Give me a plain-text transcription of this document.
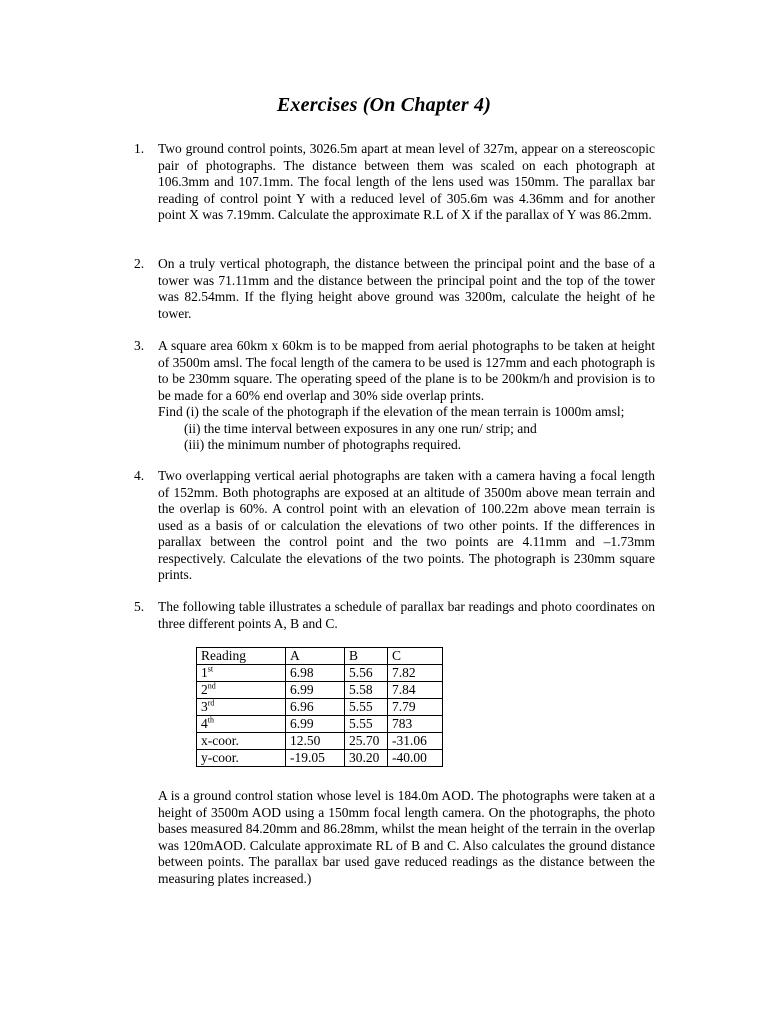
Exercises (On Chapter 4)
1. Two ground control points, 3026.5m apart at mean level of 327m, appear on a stereoscopic pair of photographs. The distance between them was scaled on each photograph at 106.3mm and 107.1mm. The focal length of the lens used was 150mm. The parallax bar reading of control point Y with a reduced level of 305.6m was 4.36mm and for another point X was 7.19mm. Calculate the approximate R.L of X if the parallax of Y was 86.2mm.
2. On a truly vertical photograph, the distance between the principal point and the base of a tower was 71.11mm and the distance between the principal point and the top of the tower was 82.54mm. If the flying height above ground was 3200m, calculate the height of he tower.
3. A square area 60km x 60km is to be mapped from aerial photographs to be taken at height of 3500m amsl. The focal length of the camera to be used is 127mm and each photograph is to be 230mm square. The operating speed of the plane is to be 200km/h and provision is to be made for a 60% end overlap and 30% side overlap prints.
Find (i) the scale of the photograph if the elevation of the mean terrain is 1000m amsl;
(ii) the time interval between exposures in any one run/ strip; and
(iii) the minimum number of photographs required.
4. Two overlapping vertical aerial photographs are taken with a camera having a focal length of 152mm. Both photographs are exposed at an altitude of 3500m above mean terrain and the overlap is 60%. A control point with an elevation of 100.22m above mean terrain is used as a basis of or calculation the elevations of two other points. If the differences in parallax between the control point and the two points are 4.11mm and –1.73mm respectively. Calculate the elevations of the two points. The photograph is 230mm square prints.
5. The following table illustrates a schedule of parallax bar readings and photo coordinates on three different points A, B and C.
Reading	A	B	C
1st	6.98	5.56	7.82
2nd	6.99	5.58	7.84
3rd	6.96	5.55	7.79
4th	6.99	5.55	783
x-coor.	12.50	25.70	-31.06
y-coor.	-19.05	30.20	-40.00
A is a ground control station whose level is 184.0m AOD. The photographs were taken at a height of 3500m AOD using a 150mm focal length camera. On the photographs, the photo bases measured 84.20mm and 86.28mm, whilst the mean height of the terrain in the overlap was 120mAOD. Calculate approximate RL of B and C. Also calculates the ground distance between points. The parallax bar used gave reduced readings as the distance between the measuring plates increased.)
